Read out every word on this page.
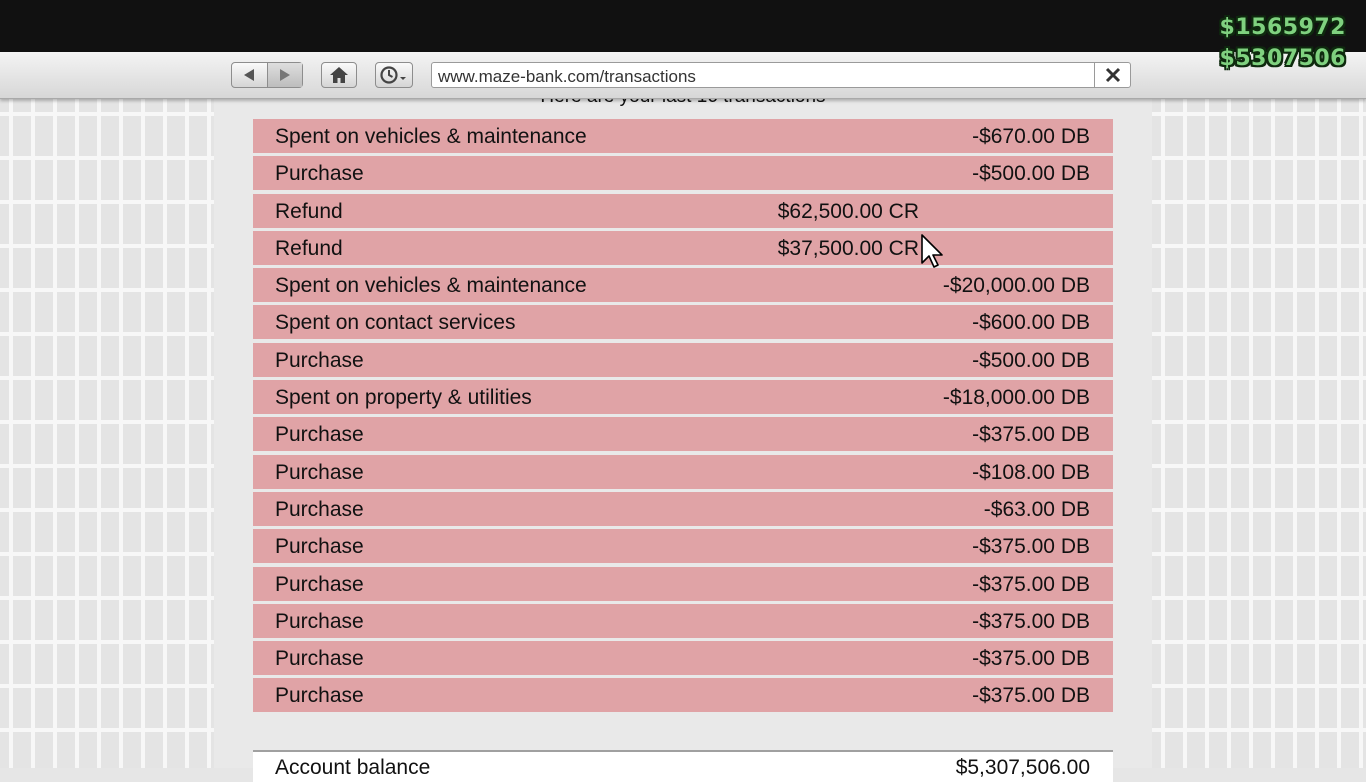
$1565972
$5307506
www.maze-bank.com/transactions
Spent on vehicles & maintenance	-$670.00 DB
Purchase	-$500.00 DB
Refund	$62,500.00 CR
Refund	$37,500.00 CR
Spent on vehicles & maintenance	-$20,000.00 DB
Spent on contact services	-$600.00 DB
Purchase	-$500.00 DB
Spent on property & utilities	-$18,000.00 DB
Purchase	-$375.00 DB
Purchase	-$108.00 DB
Purchase	-$63.00 DB
Purchase	-$375.00 DB
Purchase	-$375.00 DB
Purchase	-$375.00 DB
Purchase	-$375.00 DB
Purchase	-$375.00 DB
Account balance	$5,307,506.00
